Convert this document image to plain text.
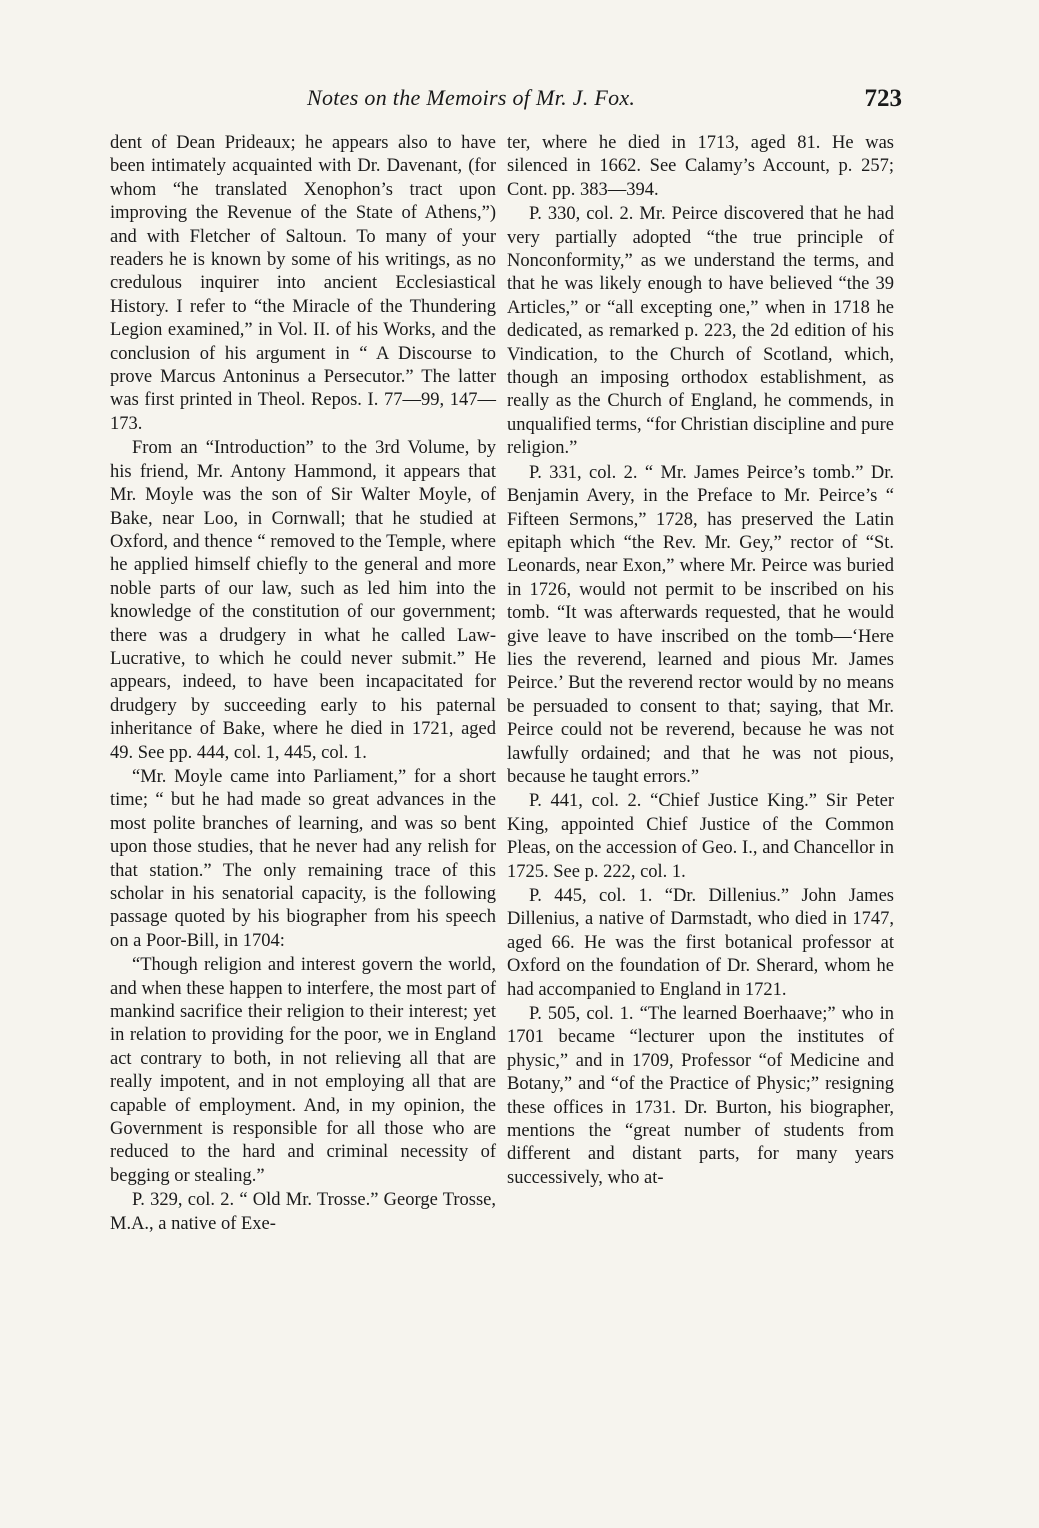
Notes on the Memoirs of Mr. J. Fox.	723

dent of Dean Prideaux; he appears also to have been intimately acquainted with Dr. Davenant, (for whom “he translated Xenophon’s tract upon improving the Revenue of the State of Athens,”) and with Fletcher of Saltoun. To many of your readers he is known by some of his writings, as no credulous inquirer into ancient Ecclesiastical History. I refer to “the Miracle of the Thundering Legion examined,” in Vol. II. of his Works, and the conclusion of his argument in “ A Discourse to prove Marcus Antoninus a Persecutor.” The latter was first printed in Theol. Repos. I. 77—99, 147—173.

From an “Introduction” to the 3rd Volume, by his friend, Mr. Antony Hammond, it appears that Mr. Moyle was the son of Sir Walter Moyle, of Bake, near Loo, in Cornwall; that he studied at Oxford, and thence “ removed to the Temple, where he applied himself chiefly to the general and more noble parts of our law, such as led him into the knowledge of the constitution of our government; there was a drudgery in what he called Law-Lucrative, to which he could never submit.” He appears, indeed, to have been incapacitated for drudgery by succeeding early to his paternal inheritance of Bake, where he died in 1721, aged 49. See pp. 444, col. 1, 445, col. 1.

“Mr. Moyle came into Parliament,” for a short time; “ but he had made so great advances in the most polite branches of learning, and was so bent upon those studies, that he never had any relish for that station.” The only remaining trace of this scholar in his senatorial capacity, is the following passage quoted by his biographer from his speech on a Poor-Bill, in 1704:

“Though religion and interest govern the world, and when these happen to interfere, the most part of mankind sacrifice their religion to their interest; yet in relation to providing for the poor, we in England act contrary to both, in not relieving all that are really impotent, and in not employing all that are capable of employment. And, in my opinion, the Government is responsible for all those who are reduced to the hard and criminal necessity of begging or stealing.”

P. 329, col. 2. “ Old Mr. Trosse.” George Trosse, M.A., a native of Exe-

ter, where he died in 1713, aged 81. He was silenced in 1662. See Calamy’s Account, p. 257; Cont. pp. 383—394.

P. 330, col. 2. Mr. Peirce discovered that he had very partially adopted “the true principle of Nonconformity,” as we understand the terms, and that he was likely enough to have believed “the 39 Articles,” or “all excepting one,” when in 1718 he dedicated, as remarked p. 223, the 2d edition of his Vindication, to the Church of Scotland, which, though an imposing orthodox establishment, as really as the Church of England, he commends, in unqualified terms, “for Christian discipline and pure religion.”

P. 331, col. 2. “ Mr. James Peirce’s tomb.” Dr. Benjamin Avery, in the Preface to Mr. Peirce’s “ Fifteen Sermons,” 1728, has preserved the Latin epitaph which “the Rev. Mr. Gey,” rector of “St. Leonards, near Exon,” where Mr. Peirce was buried in 1726, would not permit to be inscribed on his tomb. “It was afterwards requested, that he would give leave to have inscribed on the tomb—‘Here lies the reverend, learned and pious Mr. James Peirce.’ But the reverend rector would by no means be persuaded to consent to that; saying, that Mr. Peirce could not be reverend, because he was not lawfully ordained; and that he was not pious, because he taught errors.”

P. 441, col. 2. “Chief Justice King.” Sir Peter King, appointed Chief Justice of the Common Pleas, on the accession of Geo. I., and Chancellor in 1725. See p. 222, col. 1.

P. 445, col. 1. “Dr. Dillenius.” John James Dillenius, a native of Darmstadt, who died in 1747, aged 66. He was the first botanical professor at Oxford on the foundation of Dr. Sherard, whom he had accompanied to England in 1721.

P. 505, col. 1. “The learned Boerhaave;” who in 1701 became “lecturer upon the institutes of physic,” and in 1709, Professor “of Medicine and Botany,” and “of the Practice of Physic;” resigning these offices in 1731. Dr. Burton, his biographer, mentions the “great number of students from different and distant parts, for many years successively, who at-
